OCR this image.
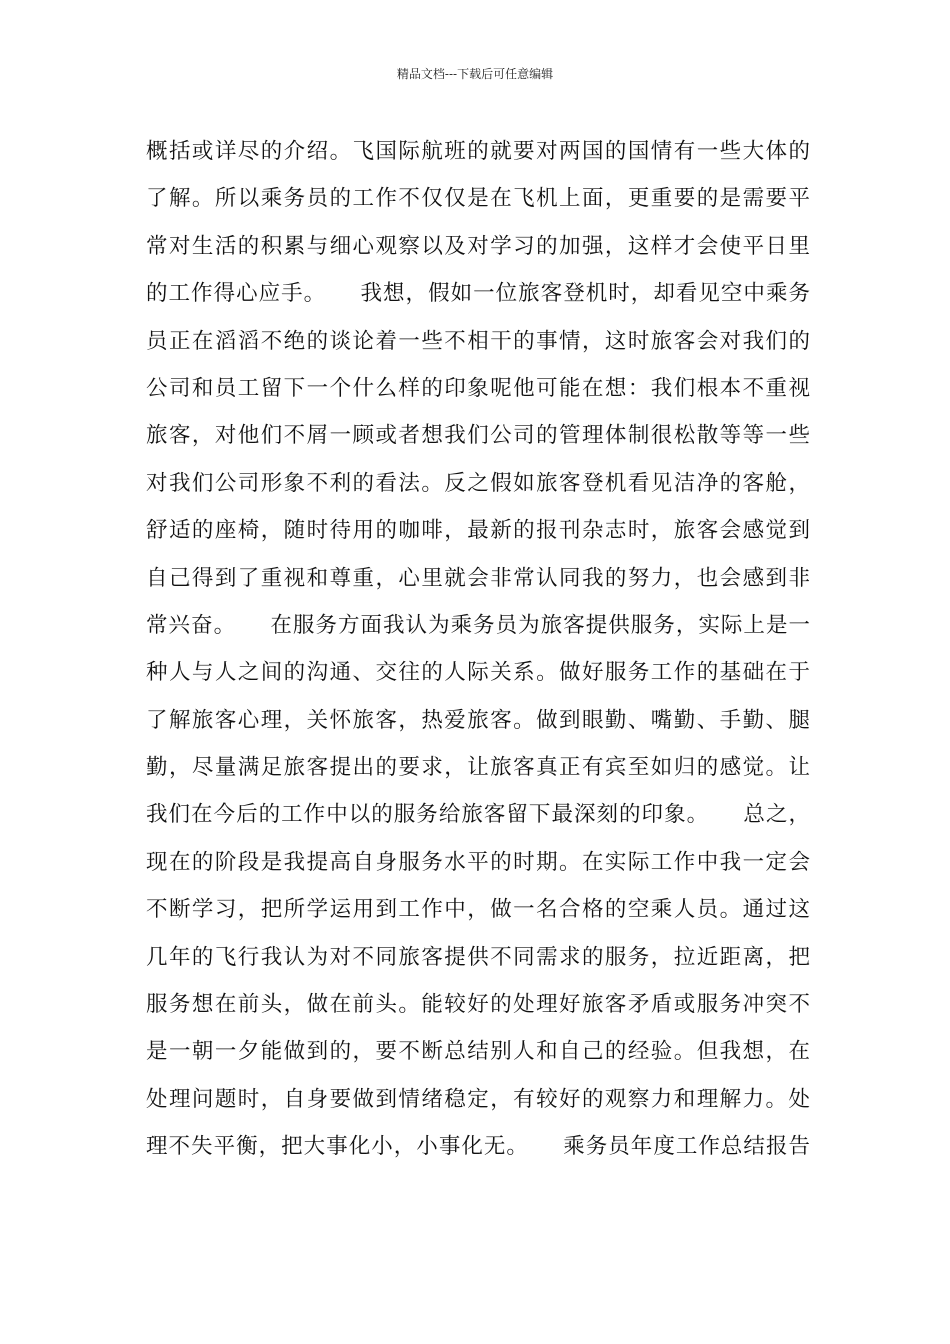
精品文档---下载后可任意编辑
概括或详尽的介绍。飞国际航班的就要对两国的国情有一些大体的
了解。所以乘务员的工作不仅仅是在飞机上面，更重要的是需要平
常对生活的积累与细心观察以及对学习的加强，这样才会使平日里
的工作得心应手。　　我想，假如一位旅客登机时，却看见空中乘务
员正在滔滔不绝的谈论着一些不相干的事情，这时旅客会对我们的
公司和员工留下一个什么样的印象呢他可能在想：我们根本不重视
旅客，对他们不屑一顾或者想我们公司的管理体制很松散等等一些
对我们公司形象不利的看法。反之假如旅客登机看见洁净的客舱，
舒适的座椅，随时待用的咖啡，最新的报刊杂志时，旅客会感觉到
自己得到了重视和尊重，心里就会非常认同我的努力，也会感到非
常兴奋。　　在服务方面我认为乘务员为旅客提供服务，实际上是一
种人与人之间的沟通、交往的人际关系。做好服务工作的基础在于
了解旅客心理，关怀旅客，热爱旅客。做到眼勤、嘴勤、手勤、腿
勤，尽量满足旅客提出的要求，让旅客真正有宾至如归的感觉。让
我们在今后的工作中以的服务给旅客留下最深刻的印象。　　总之，
现在的阶段是我提高自身服务水平的时期。在实际工作中我一定会
不断学习，把所学运用到工作中，做一名合格的空乘人员。通过这
几年的飞行我认为对不同旅客提供不同需求的服务，拉近距离，把
服务想在前头，做在前头。能较好的处理好旅客矛盾或服务冲突不
是一朝一夕能做到的，要不断总结别人和自己的经验。但我想，在
处理问题时，自身要做到情绪稳定，有较好的观察力和理解力。处
理不失平衡，把大事化小，小事化无。　　乘务员年度工作总结报告
